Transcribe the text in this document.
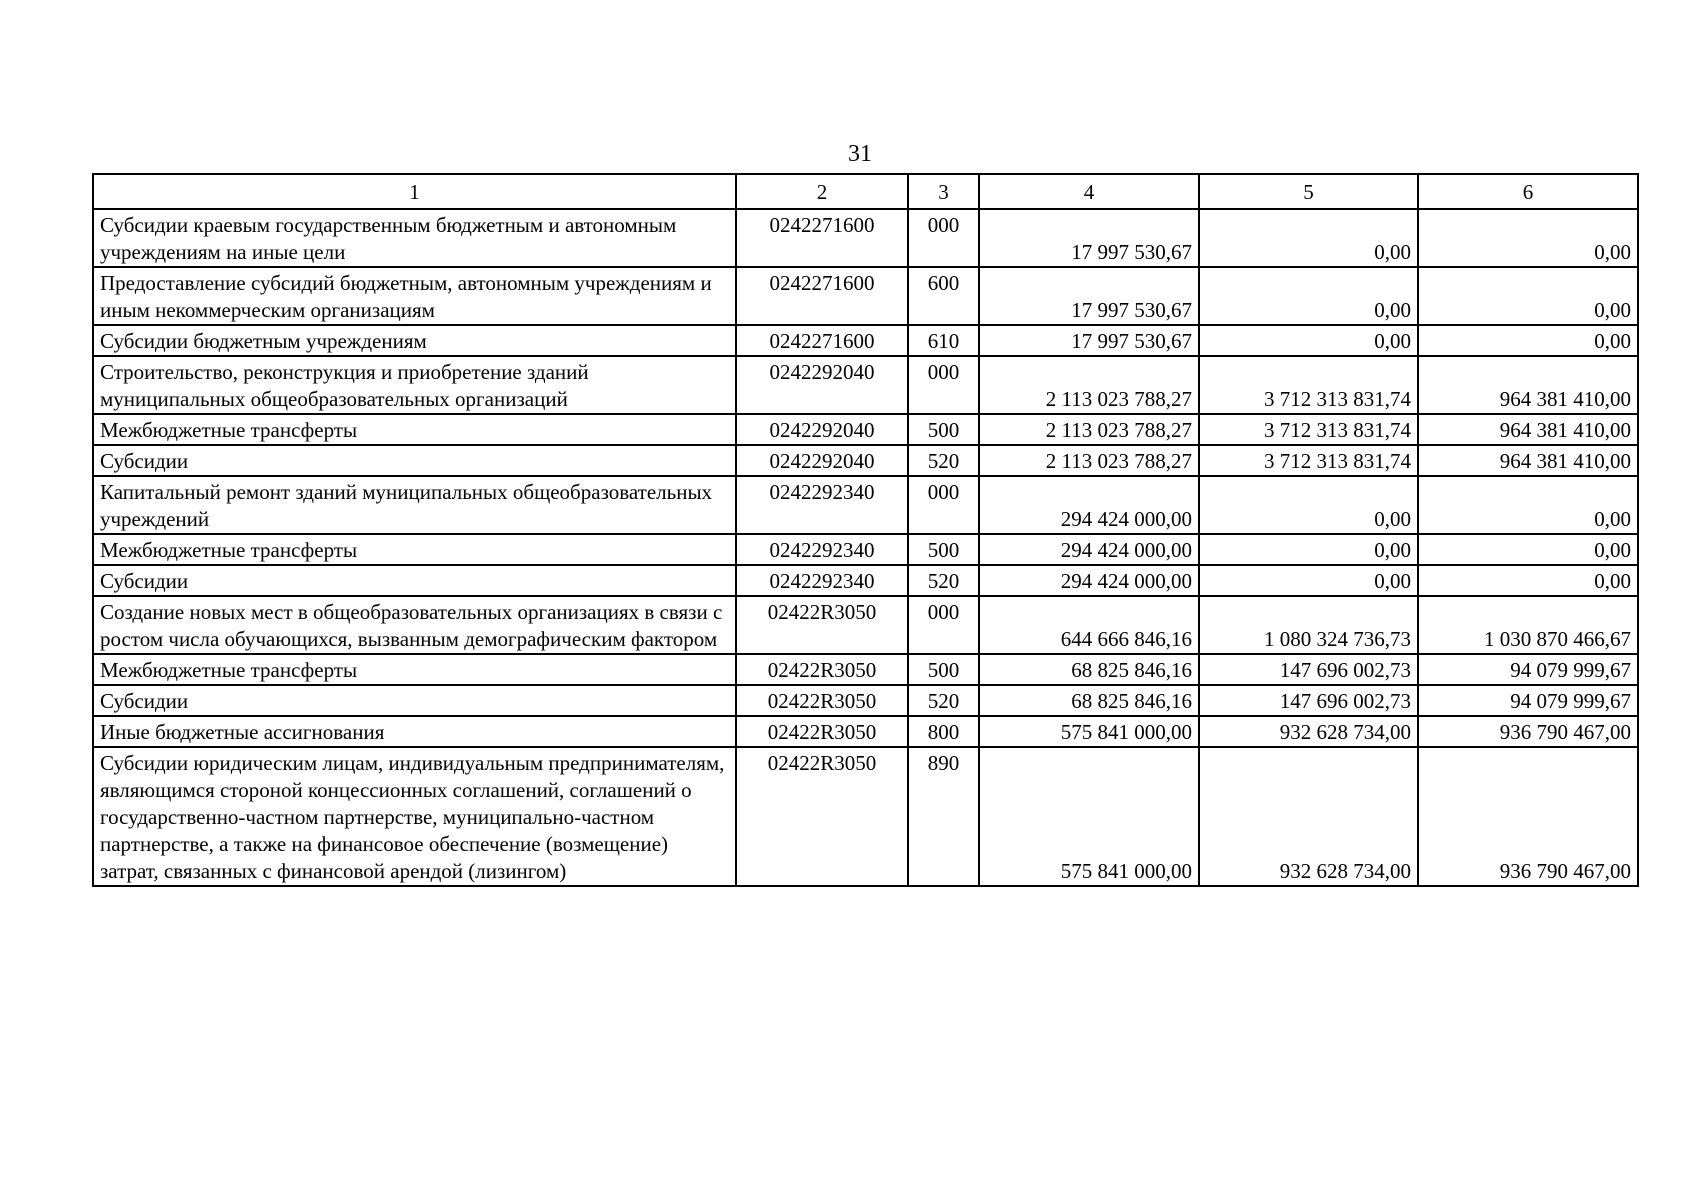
31
1	2	3	4	5	6
Субсидии краевым государственным бюджетным и автономным учреждениям на иные цели	0242271600	000	17 997 530,67	0,00	0,00
Предоставление субсидий бюджетным, автономным учреждениям и иным некоммерческим организациям	0242271600	600	17 997 530,67	0,00	0,00
Субсидии бюджетным учреждениям	0242271600	610	17 997 530,67	0,00	0,00
Строительство, реконструкция и приобретение зданий муниципальных общеобразовательных организаций	0242292040	000	2 113 023 788,27	3 712 313 831,74	964 381 410,00
Межбюджетные трансферты	0242292040	500	2 113 023 788,27	3 712 313 831,74	964 381 410,00
Субсидии	0242292040	520	2 113 023 788,27	3 712 313 831,74	964 381 410,00
Капитальный ремонт зданий муниципальных общеобразовательных учреждений	0242292340	000	294 424 000,00	0,00	0,00
Межбюджетные трансферты	0242292340	500	294 424 000,00	0,00	0,00
Субсидии	0242292340	520	294 424 000,00	0,00	0,00
Создание новых мест в общеобразовательных организациях в связи с ростом числа обучающихся, вызванным демографическим фактором	02422R3050	000	644 666 846,16	1 080 324 736,73	1 030 870 466,67
Межбюджетные трансферты	02422R3050	500	68 825 846,16	147 696 002,73	94 079 999,67
Субсидии	02422R3050	520	68 825 846,16	147 696 002,73	94 079 999,67
Иные бюджетные ассигнования	02422R3050	800	575 841 000,00	932 628 734,00	936 790 467,00
Субсидии юридическим лицам, индивидуальным предпринимателям, являющимся стороной концессионных соглашений, соглашений о государственно-частном партнерстве, муниципально-частном партнерстве, а также на финансовое обеспечение (возмещение) затрат, связанных с финансовой арендой (лизингом)	02422R3050	890	575 841 000,00	932 628 734,00	936 790 467,00
